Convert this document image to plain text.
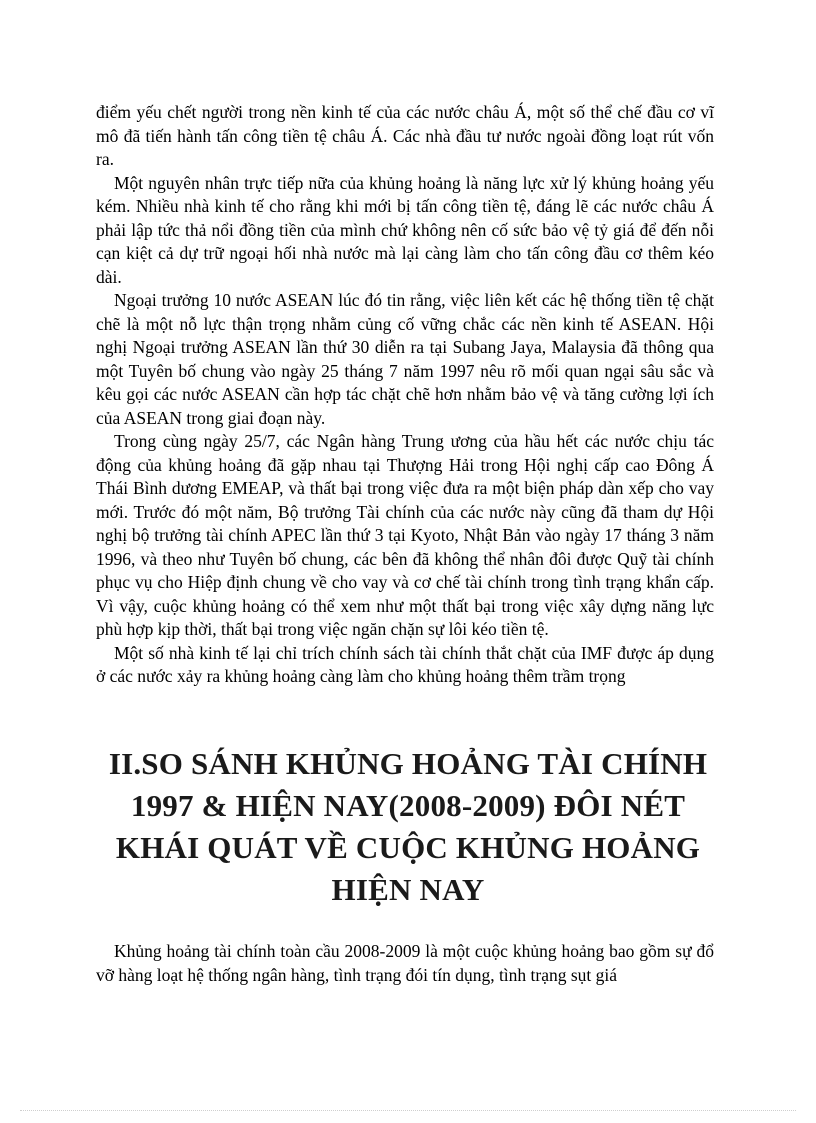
điểm yếu chết người trong nền kinh tế của các nước châu Á, một số thể chế đầu cơ vĩ mô đã tiến hành tấn công tiền tệ châu Á. Các nhà đầu tư nước ngoài đồng loạt rút vốn ra.

Một nguyên nhân trực tiếp nữa của khủng hoảng là năng lực xử lý khủng hoảng yếu kém. Nhiều nhà kinh tế cho rằng khi mới bị tấn công tiền tệ, đáng lẽ các nước châu Á phải lập tức thả nổi đồng tiền của mình chứ không nên cố sức bảo vệ tỷ giá để đến nỗi cạn kiệt cả dự trữ ngoại hối nhà nước mà lại càng làm cho tấn công đầu cơ thêm kéo dài.

Ngoại trưởng 10 nước ASEAN lúc đó tin rằng, việc liên kết các hệ thống tiền tệ chặt chẽ là một nỗ lực thận trọng nhằm củng cố vững chắc các nền kinh tế ASEAN. Hội nghị Ngoại trưởng ASEAN lần thứ 30 diễn ra tại Subang Jaya, Malaysia đã thông qua một Tuyên bố chung vào ngày 25 tháng 7 năm 1997 nêu rõ mối quan ngại sâu sắc và kêu gọi các nước ASEAN cần hợp tác chặt chẽ hơn nhằm bảo vệ và tăng cường lợi ích của ASEAN trong giai đoạn này.

Trong cùng ngày 25/7, các Ngân hàng Trung ương của hầu hết các nước chịu tác động của khủng hoảng đã gặp nhau tại Thượng Hải trong Hội nghị cấp cao Đông Á Thái Bình dương EMEAP, và thất bại trong việc đưa ra một biện pháp dàn xếp cho vay mới. Trước đó một năm, Bộ trưởng Tài chính của các nước này cũng đã tham dự Hội nghị bộ trưởng tài chính APEC lần thứ 3 tại Kyoto, Nhật Bản vào ngày 17 tháng 3 năm 1996, và theo như Tuyên bố chung, các bên đã không thể nhân đôi được Quỹ tài chính phục vụ cho Hiệp định chung về cho vay và cơ chế tài chính trong tình trạng khẩn cấp. Vì vậy, cuộc khủng hoảng có thể xem như một thất bại trong việc xây dựng năng lực phù hợp kịp thời, thất bại trong việc ngăn chặn sự lôi kéo tiền tệ.

Một số nhà kinh tế lại chỉ trích chính sách tài chính thắt chặt của IMF được áp dụng ở các nước xảy ra khủng hoảng càng làm cho khủng hoảng thêm trầm trọng

II.SO SÁNH KHỦNG HOẢNG TÀI CHÍNH 1997 & HIỆN NAY(2008-2009) ĐÔI NÉT KHÁI QUÁT VỀ CUỘC KHỦNG HOẢNG HIỆN NAY

Khủng hoảng tài chính toàn cầu 2008-2009 là một cuộc khủng hoảng bao gồm sự đổ vỡ hàng loạt hệ thống ngân hàng, tình trạng đói tín dụng, tình trạng sụt giá
